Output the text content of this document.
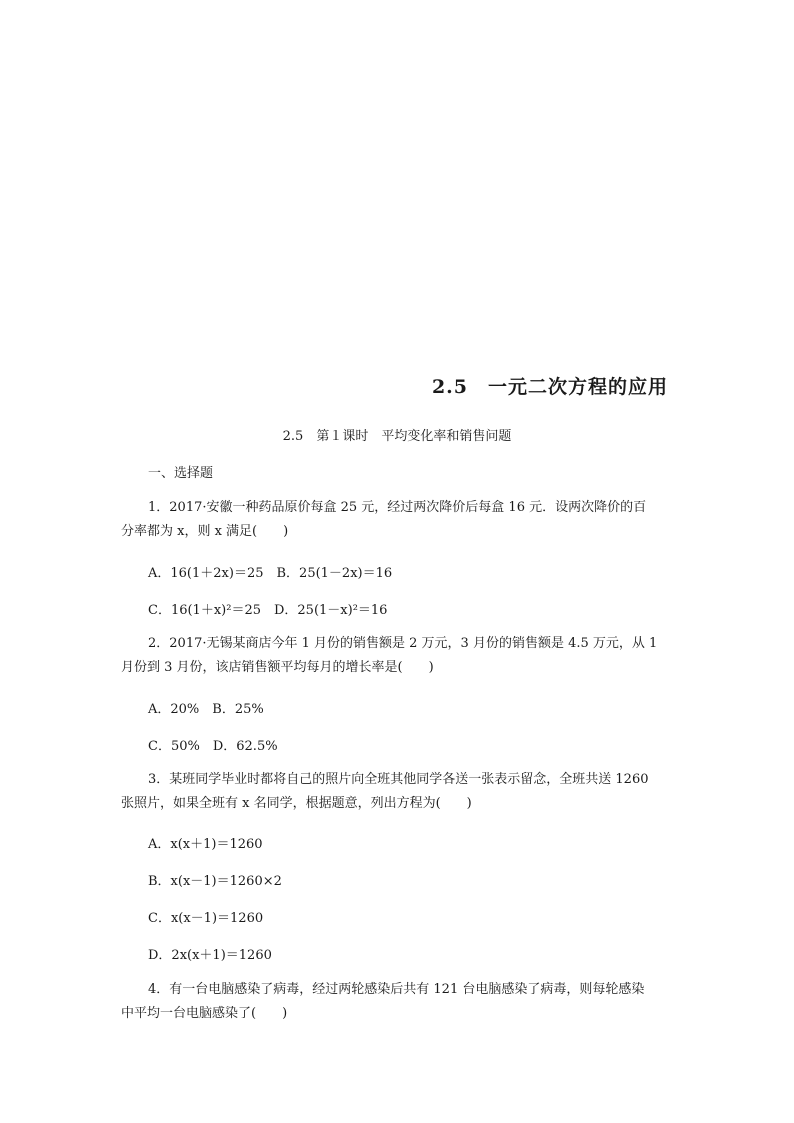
2.5　一元二次方程的应用
2.5　第１课时　平均变化率和销售问题
一、选择题
1．2017·安徽一种药品原价每盒 25 元，经过两次降价后每盒 16 元．设两次降价的百
分率都为 x，则 x 满足(　　)
A．16(1＋2x)＝25　B．25(1－2x)＝16
C．16(1＋x)²＝25　D．25(1－x)²＝16
2．2017·无锡某商店今年 1 月份的销售额是 2 万元，3 月份的销售额是 4.5 万元，从 1
月份到 3 月份，该店销售额平均每月的增长率是(　　)
A．20%　B．25%
C．50%　D．62.5%
3．某班同学毕业时都将自己的照片向全班其他同学各送一张表示留念，全班共送 1260
张照片，如果全班有 x 名同学，根据题意，列出方程为(　　)
A．x(x＋1)＝1260
B．x(x－1)＝1260×2
C．x(x－1)＝1260
D．2x(x＋1)＝1260
4．有一台电脑感染了病毒，经过两轮感染后共有 121 台电脑感染了病毒，则每轮感染
中平均一台电脑感染了(　　)
